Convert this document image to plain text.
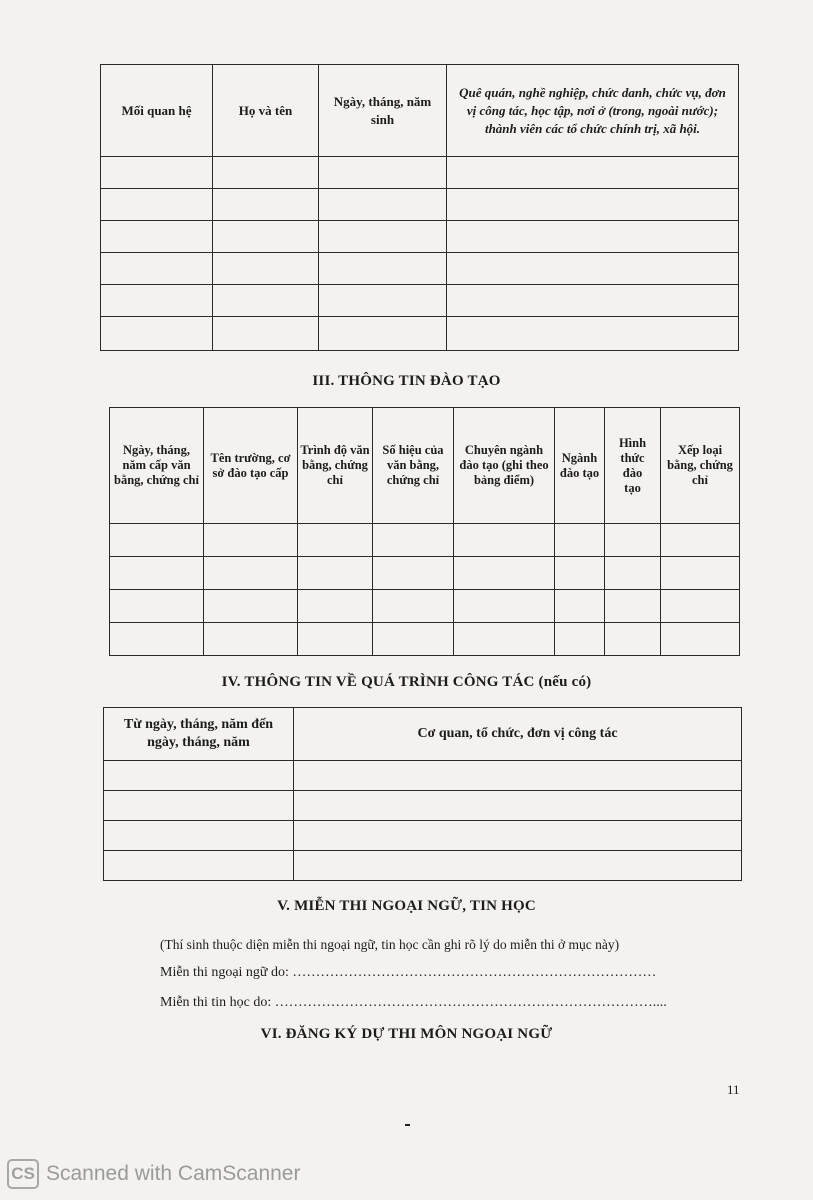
Mối quan hệ	Họ và tên	Ngày, tháng, năm sinh	Quê quán, nghề nghiệp, chức danh, chức vụ, đơn vị công tác, học tập, nơi ở (trong, ngoài nước); thành viên các tổ chức chính trị, xã hội.

III. THÔNG TIN ĐÀO TẠO
Ngày, tháng, năm cấp văn bằng, chứng chỉ	Tên trường, cơ sở đào tạo cấp	Trình độ văn bằng, chứng chỉ	Số hiệu của văn bằng, chứng chỉ	Chuyên ngành đào tạo (ghi theo bảng điểm)	Ngành đào tạo	Hình thức đào tạo	Xếp loại bằng, chứng chỉ

IV. THÔNG TIN VỀ QUÁ TRÌNH CÔNG TÁC (nếu có)
Từ ngày, tháng, năm đến ngày, tháng, năm	Cơ quan, tổ chức, đơn vị công tác

V. MIỄN THI NGOẠI NGỮ, TIN HỌC
(Thí sinh thuộc diện miễn thi ngoại ngữ, tin học cần ghi rõ lý do miễn thi ở mục này)
Miễn thi ngoại ngữ do: ……………………………………………………………………
Miễn thi tin học do: ………………………………………………………………………....
VI. ĐĂNG KÝ DỰ THI MÔN NGOẠI NGỮ
11
CS Scanned with CamScanner
